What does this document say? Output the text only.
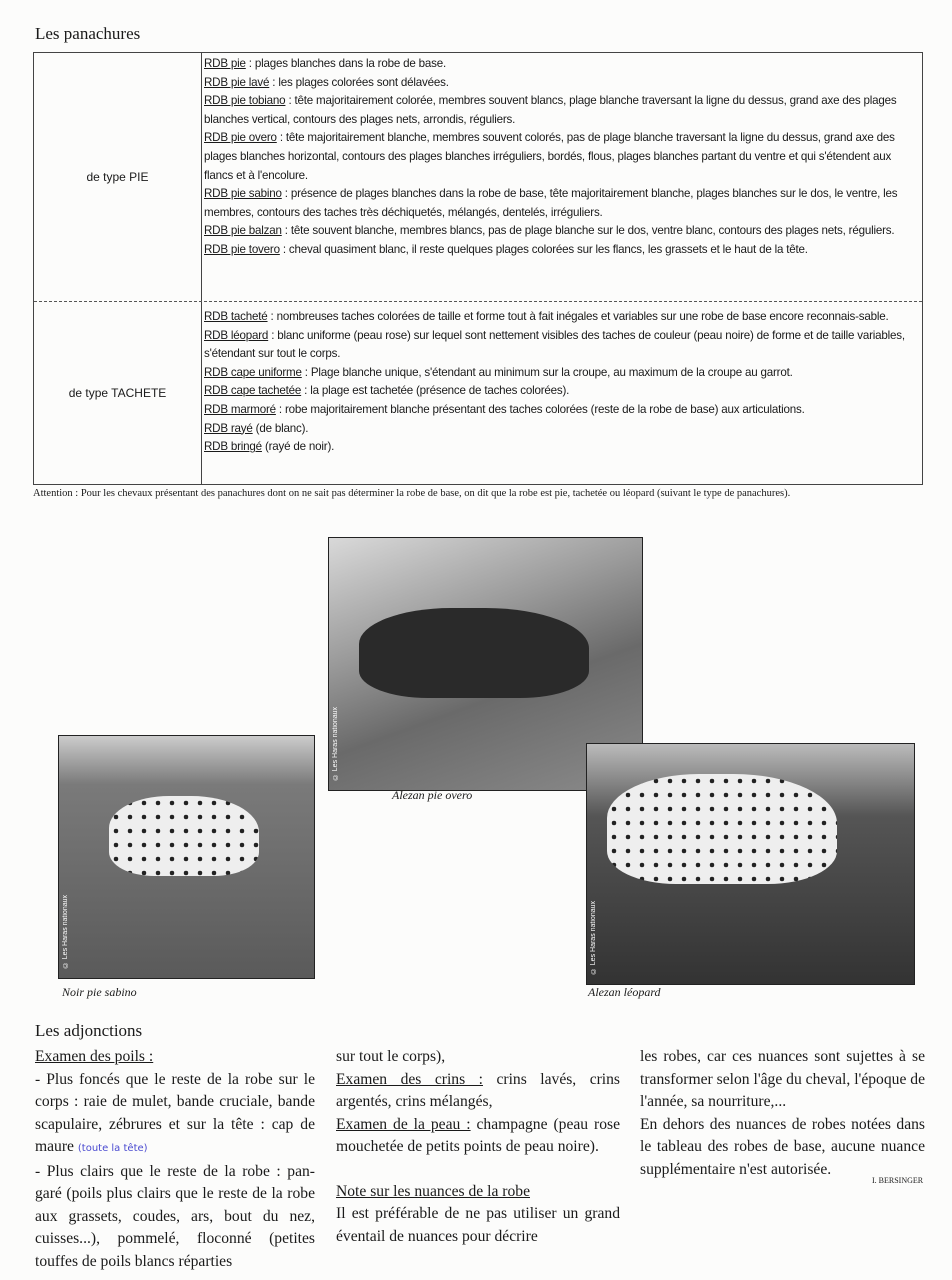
Les panachures
de type PIE
RDB pie : plages blanches dans la robe de base.
RDB pie lavé : les plages colorées sont délavées.
RDB pie tobiano : tête majoritairement colorée, membres souvent blancs, plage blanche traversant la ligne du dessus, grand axe des plages blanches vertical, contours des plages nets, arrondis, réguliers.
RDB pie overo : tête majoritairement blanche, membres souvent colorés, pas de plage blanche traversant la ligne du dessus, grand axe des plages blanches horizontal, contours des plages blanches irréguliers, bordés, flous, plages blanches partant du ventre et qui s'étendent aux flancs et à l'encolure.
RDB pie sabino : présence de plages blanches dans la robe de base, tête majoritairement blanche, plages blanches sur le dos, le ventre, les membres, contours des taches très déchiquetés, mélangés, dentelés, irréguliers.
RDB pie balzan : tête souvent blanche, membres blancs, pas de plage blanche sur le dos, ventre blanc, contours des plages nets, réguliers.
RDB pie tovero : cheval quasiment blanc, il reste quelques plages colorées sur les flancs, les grassets et le haut de la tête.
de type TACHETE
RDB tacheté : nombreuses taches colorées de taille et forme tout à fait inégales et variables sur une robe de base encore reconnais-sable.
RDB léopard : blanc uniforme (peau rose) sur lequel sont nettement visibles des taches de couleur (peau noire) de forme et de taille variables, s'étendant sur tout le corps.
RDB cape uniforme : Plage blanche unique, s'étendant au minimum sur la croupe, au maximum de la croupe au garrot.
RDB cape tachetée : la plage est tachetée (présence de taches colorées).
RDB marmoré : robe majoritairement blanche présentant des taches colorées (reste de la robe de base) aux articulations.
RDB rayé (de blanc).
RDB bringé (rayé de noir).
Attention : Pour les chevaux présentant des panachures dont on ne sait pas déterminer la robe de base, on dit que la robe est pie, tachetée ou léopard (suivant le type de panachures).
© Les Haras nationaux
Alezan pie overo
© Les Haras nationaux
Noir pie sabino
© Les Haras nationaux
Alezan léopard
Les adjonctions
Examen des poils :
- Plus foncés que le reste de la robe sur le corps : raie de mulet, bande cruciale, bande scapulaire, zébrures et sur la tête : cap de maure (toute la tête)
- Plus clairs que le reste de la robe : pan-garé (poils plus clairs que le reste de la robe aux grassets, coudes, ars, bout du nez, cuisses...), pommelé, floconné (petites touffes de poils blancs réparties

sur tout le corps),
Examen des crins : crins lavés, crins argentés, crins mélangés,
Examen de la peau : champagne (peau rose mouchetée de petits points de peau noire).

Note sur les nuances de la robe
Il est préférable de ne pas utiliser un grand éventail de nuances pour décrire
les robes, car ces nuances sont sujettes à se transformer selon l'âge du cheval, l'époque de l'année, sa nourriture,...
En dehors des nuances de robes notées dans le tableau des robes de base, aucune nuance supplémentaire n'est autorisée.
I. BERSINGER
